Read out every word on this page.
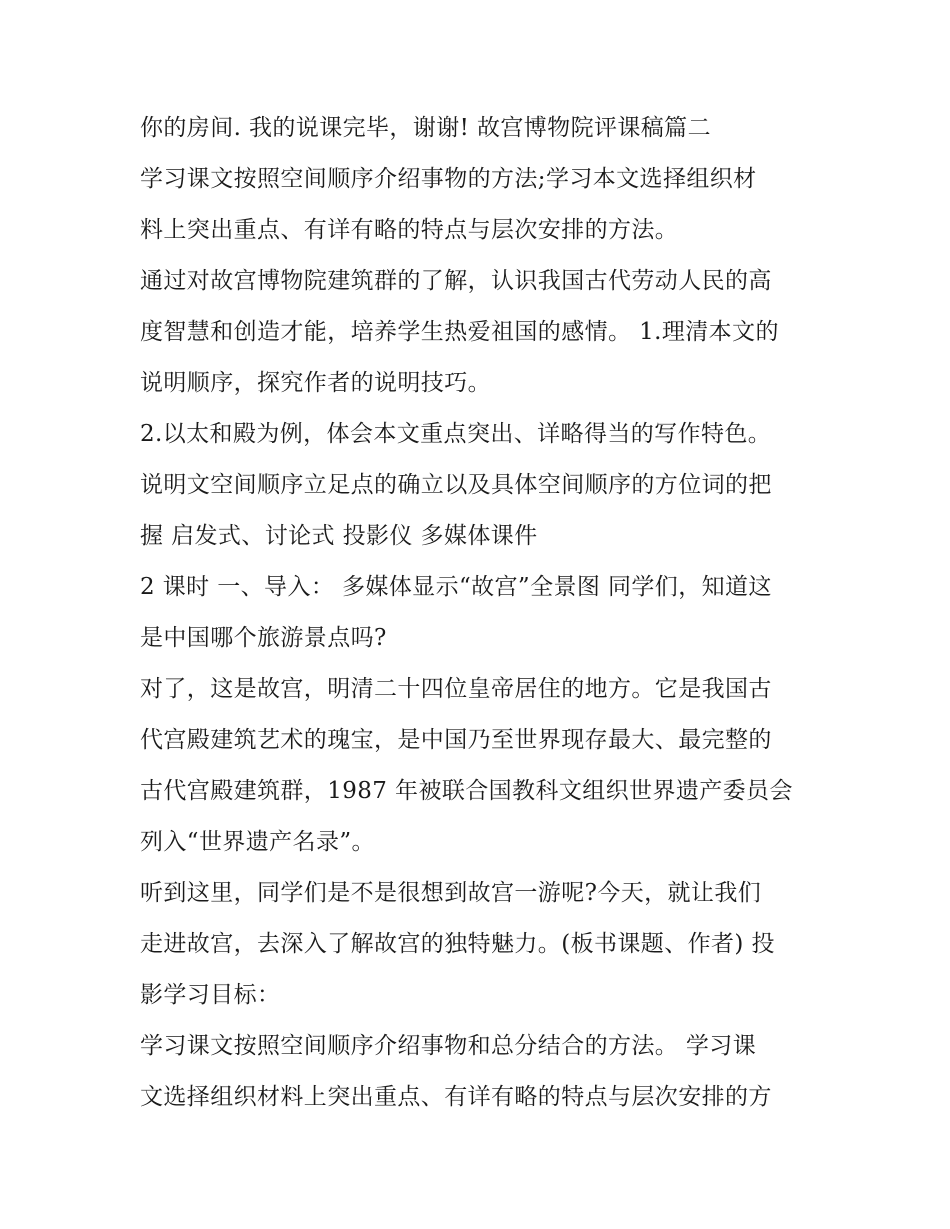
你的房间. 我的说课完毕，谢谢! 故宫博物院评课稿篇二
学习课文按照空间顺序介绍事物的方法;学习本文选择组织材
料上突出重点、有详有略的特点与层次安排的方法。
通过对故宫博物院建筑群的了解，认识我国古代劳动人民的高
度智慧和创造才能，培养学生热爱祖国的感情。 1.理清本文的
说明顺序，探究作者的说明技巧。
2.以太和殿为例，体会本文重点突出、详略得当的写作特色。
说明文空间顺序立足点的确立以及具体空间顺序的方位词的把
握 启发式、讨论式 投影仪 多媒体课件
2 课时 一、导入： 多媒体显示“故宫”全景图 同学们，知道这
是中国哪个旅游景点吗?
对了，这是故宫，明清二十四位皇帝居住的地方。它是我国古
代宫殿建筑艺术的瑰宝，是中国乃至世界现存最大、最完整的
古代宫殿建筑群，1987 年被联合国教科文组织世界遗产委员会
列入“世界遗产名录”。
听到这里，同学们是不是很想到故宫一游呢?今天，就让我们
走进故宫，去深入了解故宫的独特魅力。(板书课题、作者) 投
影学习目标：
学习课文按照空间顺序介绍事物和总分结合的方法。 学习课
文选择组织材料上突出重点、有详有略的特点与层次安排的方
